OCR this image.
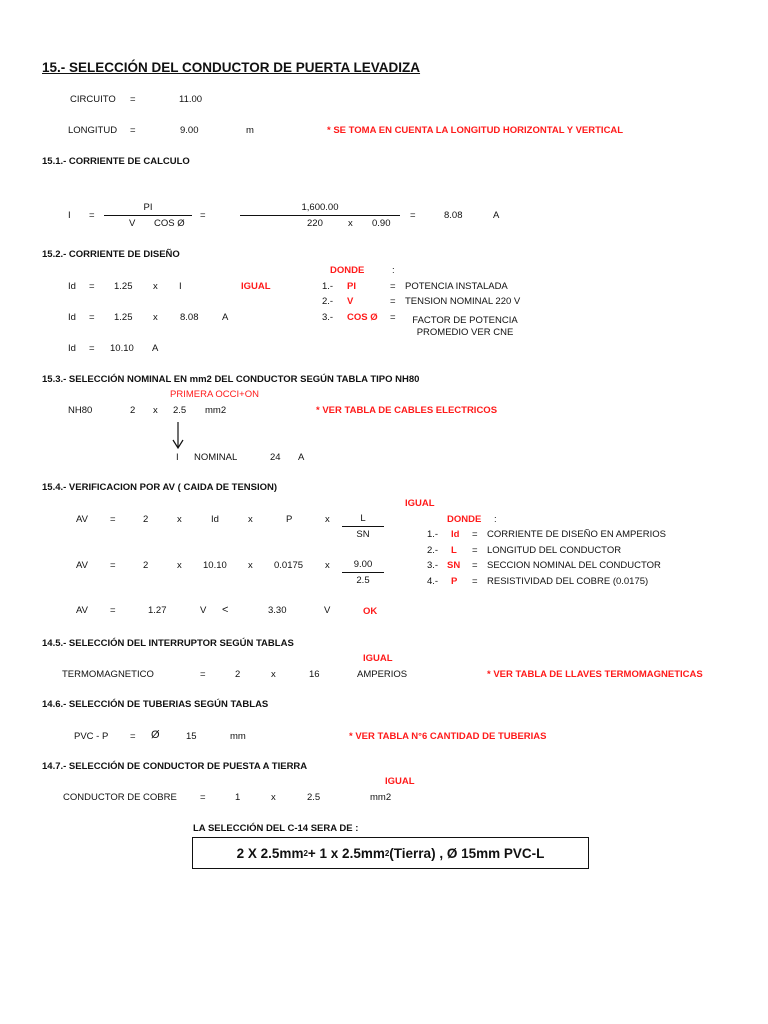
15.- SELECCIÓN DEL CONDUCTOR DE PUERTA LEVADIZA
CIRCUITO =	11.00
LONGITUD =	9.00	m	* SE TOMA EN CUENTA LA LONGITUD HORIZONTAL Y VERTICAL
15.1.- CORRIENTE DE CALCULO
I =
PI
V COS Ø
=
1,600.00
220	x 0.90
=	8.08	A
15.2.- CORRIENTE DE DISEÑO
DONDE	:
Id = 1.25 x I	IGUAL
Id = 1.25 x 8.08 A
Id = 10.10 A
1.- PI	= POTENCIA INSTALADA
2.- V	= TENSION NOMINAL 220 V
3.- COS Ø =	FACTOR DE POTENCIA
PROMEDIO VER CNE
15.3.- SELECCIÓN NOMINAL EN mm2 DEL CONDUCTOR SEGÚN TABLA TIPO NH80
PRIMERA OCCI+ON
NH80	2 x 2.5 mm2	* VER TABLA DE CABLES ELECTRICOS
I NOMINAL	24 A
15.4.- VERIFICACION POR AV ( CAIDA DE TENSION)
IGUAL
DONDE :
AV =	2	x	Id	x	P	x	L
SN
AV =	2	x 10.10 x 0.0175 x	9.00
2.5
AV =	1.27	V <	3.30	V	OK
1.- Id = CORRIENTE DE DISEÑO EN AMPERIOS
2.- L = LONGITUD DEL CONDUCTOR
3.- SN = SECCION NOMINAL DEL CONDUCTOR
4.- P = RESISTIVIDAD DEL COBRE (0.0175)
14.5.- SELECCIÓN DEL INTERRUPTOR SEGÚN TABLAS
IGUAL
TERMOMAGNETICO	=	2	x	16	AMPERIOS	* VER TABLA DE LLAVES TERMOMAGNETICAS
14.6.- SELECCIÓN DE TUBERIAS SEGÚN TABLAS
PVC - P = Ø	15	mm	* VER TABLA N°6 CANTIDAD DE TUBERIAS
14.7.- SELECCIÓN DE CONDUCTOR DE PUESTA A TIERRA
IGUAL
CONDUCTOR DE COBRE =	1	x	2.5	mm2
LA SELECCIÓN DEL C-14 SERA DE :
2 X 2.5mm 2 + 1 x 2.5mm 2 (Tierra) , Ø 15mm PVC-L
